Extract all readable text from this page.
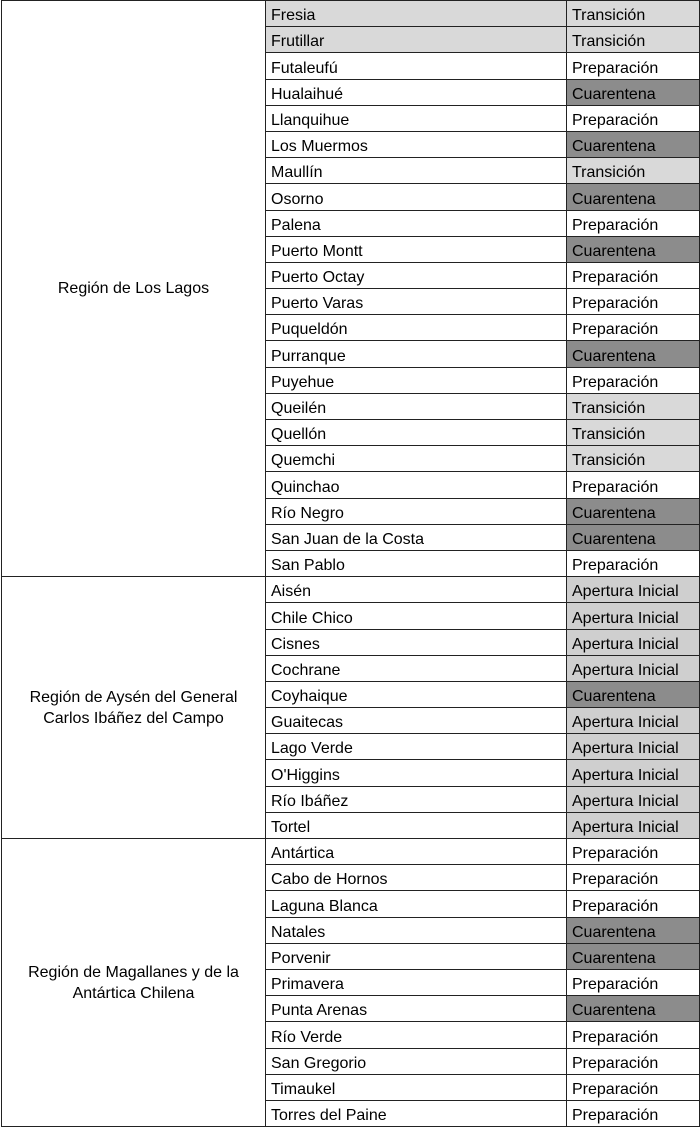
Región de Los Lagos	Fresia	Transición
	Frutillar	Transición
	Futaleufú	Preparación
	Hualaihué	Cuarentena
	Llanquihue	Preparación
	Los Muermos	Cuarentena
	Maullín	Transición
	Osorno	Cuarentena
	Palena	Preparación
	Puerto Montt	Cuarentena
	Puerto Octay	Preparación
	Puerto Varas	Preparación
	Puqueldón	Preparación
	Purranque	Cuarentena
	Puyehue	Preparación
	Queilén	Transición
	Quellón	Transición
	Quemchi	Transición
	Quinchao	Preparación
	Río Negro	Cuarentena
	San Juan de la Costa	Cuarentena
	San Pablo	Preparación
Región de Aysén del General Carlos Ibáñez del Campo	Aisén	Apertura Inicial
	Chile Chico	Apertura Inicial
	Cisnes	Apertura Inicial
	Cochrane	Apertura Inicial
	Coyhaique	Cuarentena
	Guaitecas	Apertura Inicial
	Lago Verde	Apertura Inicial
	O'Higgins	Apertura Inicial
	Río Ibáñez	Apertura Inicial
	Tortel	Apertura Inicial
Región de Magallanes y de la Antártica Chilena	Antártica	Preparación
	Cabo de Hornos	Preparación
	Laguna Blanca	Preparación
	Natales	Cuarentena
	Porvenir	Cuarentena
	Primavera	Preparación
	Punta Arenas	Cuarentena
	Río Verde	Preparación
	San Gregorio	Preparación
	Timaukel	Preparación
	Torres del Paine	Preparación
